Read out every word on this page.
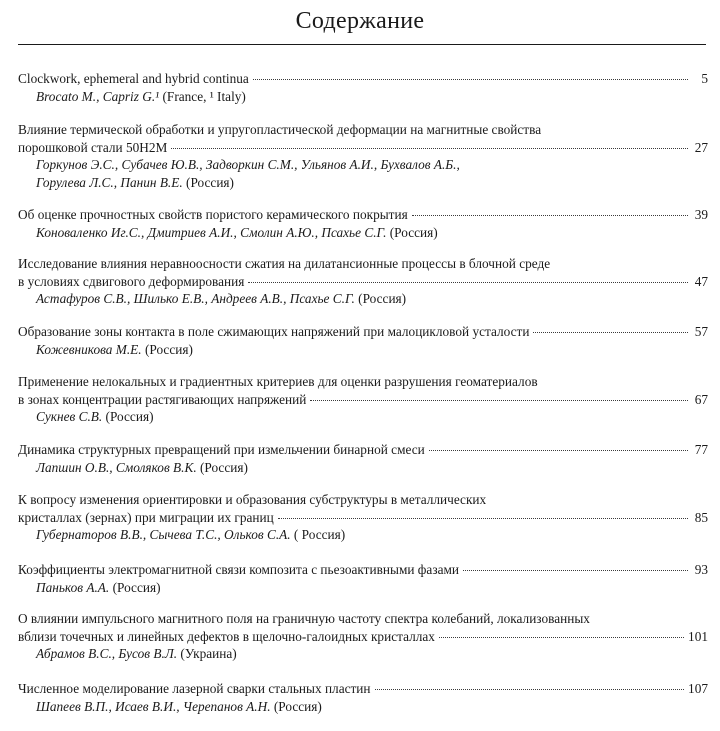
Содержание
Clockwork, ephemeral and hybrid continua	5
Brocato M., Capriz G.¹ (France, ¹ Italy)
Влияние термической обработки и упругопластической деформации на магнитные свойства
порошковой стали 50Н2М	27
Горкунов Э.С., Субачев Ю.В., Задворкин С.М., Ульянов А.И., Бухвалов А.Б.,
Горулева Л.С., Панин В.Е. (Россия)
Об оценке прочностных свойств пористого керамического покрытия	39
Коноваленко Иг.С., Дмитриев А.И., Смолин А.Ю., Псахье С.Г. (Россия)
Исследование влияния неравноосности сжатия на дилатансионные процессы в блочной среде
в условиях сдвигового деформирования	47
Астафуров С.В., Шилько Е.В., Андреев А.В., Псахье С.Г. (Россия)
Образование зоны контакта в поле сжимающих напряжений при малоцикловой усталости	57
Кожевникова М.Е. (Россия)
Применение нелокальных и градиентных критериев для оценки разрушения геоматериалов
в зонах концентрации растягивающих напряжений	67
Сукнев С.В. (Россия)
Динамика структурных превращений при измельчении бинарной смеси	77
Лапшин О.В., Смоляков В.К. (Россия)
К вопросу изменения ориентировки и образования субструктуры в металлических
кристаллах (зернах) при миграции их границ	85
Губернаторов В.В., Сычева Т.С., Ольков С.А. ( Россия)
Коэффициенты электромагнитной связи композита с пьезоактивными фазами	93
Паньков А.А. (Россия)
О влиянии импульсного магнитного поля на граничную частоту спектра колебаний, локализованных
вблизи точечных и линейных дефектов в щелочно-галоидных кристаллах	101
Абрамов В.С., Бусов В.Л. (Украина)
Численное моделирование лазерной сварки стальных пластин	107
Шапеев В.П., Исаев В.И., Черепанов А.Н. (Россия)
